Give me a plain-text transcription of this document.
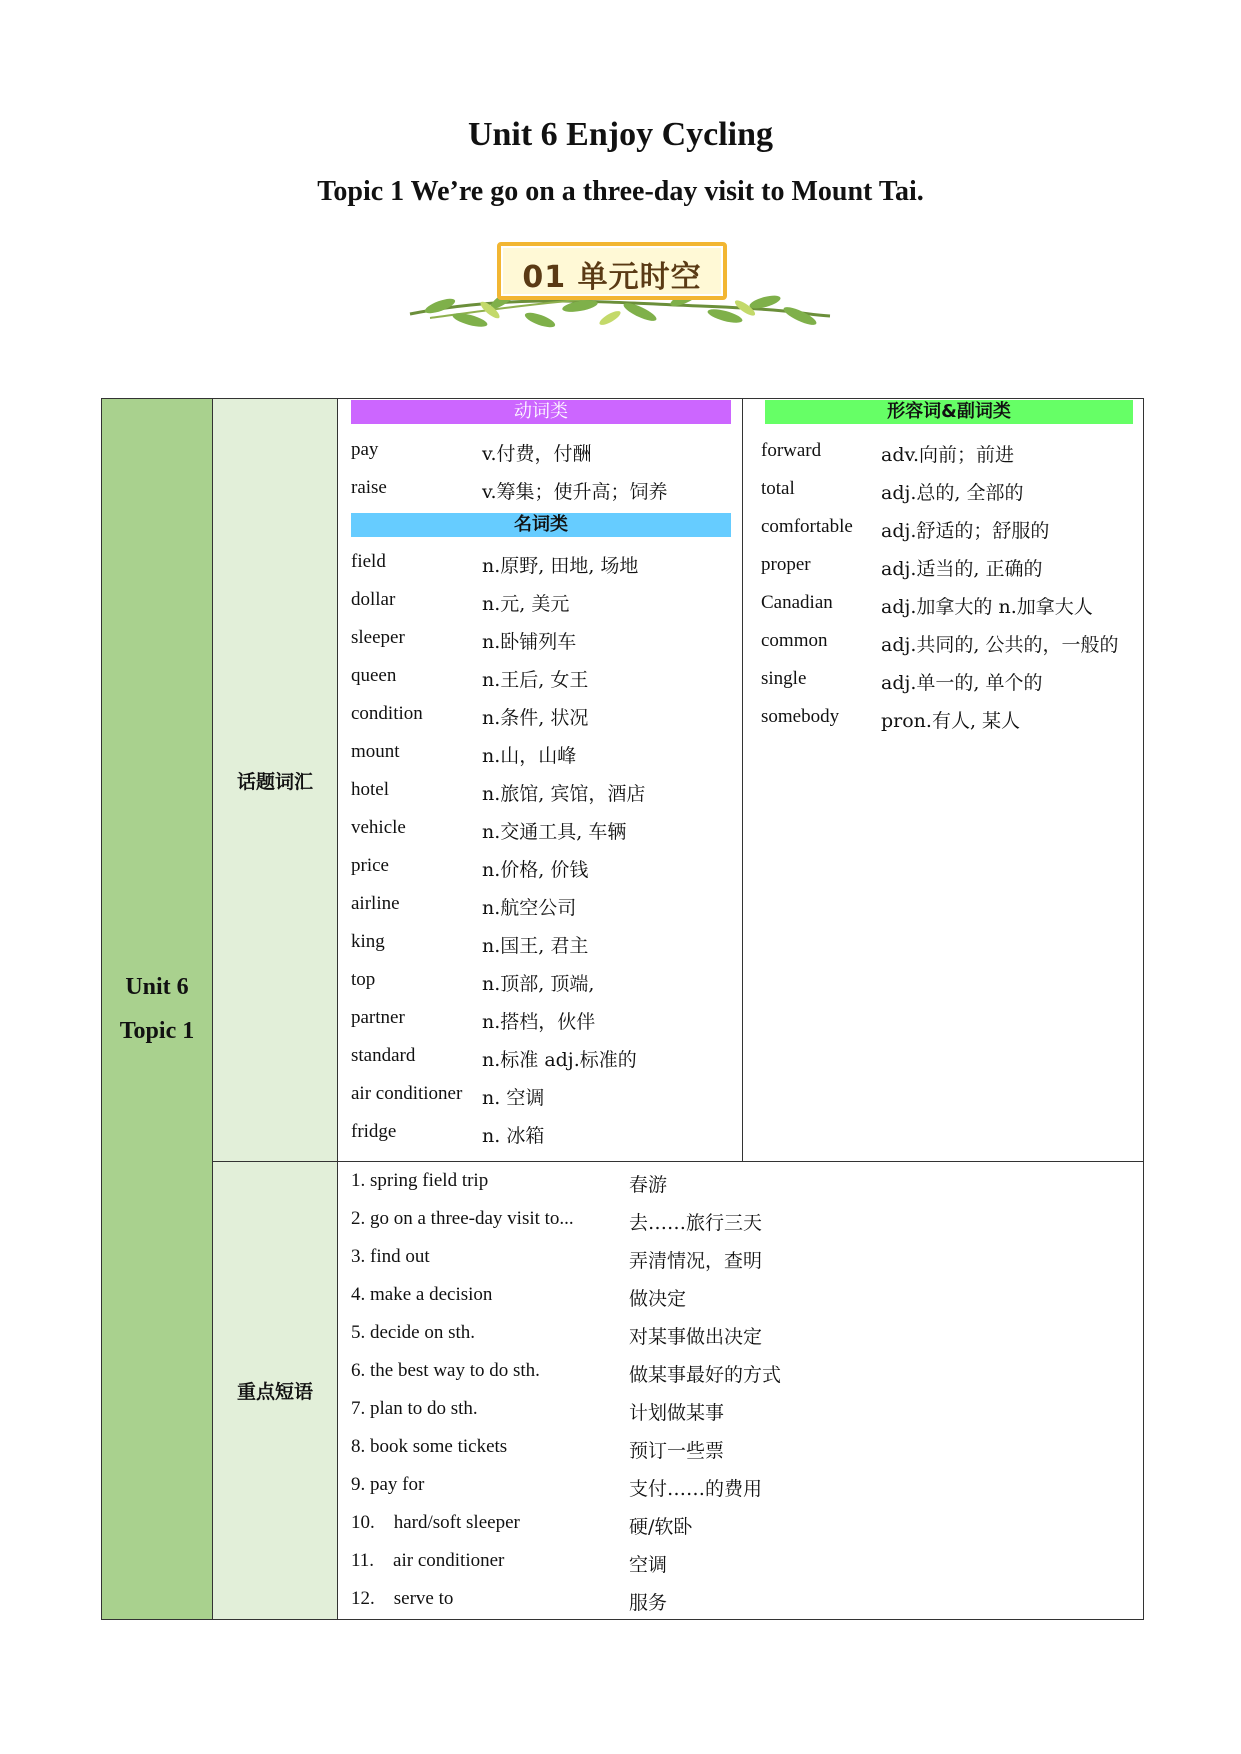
Unit 6 Enjoy Cycling
Topic 1 We’re go on a three-day visit to Mount Tai.
01 单元时空
Unit 6
Topic 1
话题词汇
重点短语
动词类
pay	v.付费，付酬
raise	v.筹集；使升高；饲养
名词类
field	n.原野, 田地, 场地
dollar	n.元, 美元
sleeper	n.卧铺列车
queen	n.王后, 女王
condition	n.条件, 状况
mount	n.山，山峰
hotel	n.旅馆, 宾馆，酒店
vehicle	n.交通工具, 车辆
price	n.价格, 价钱
airline	n.航空公司
king	n.国王, 君主
top	n.顶部, 顶端,
partner	n.搭档，伙伴
standard	n.标准 adj.标准的
air conditioner n. 空调
fridge	n. 冰箱
形容词&副词类
forward	adv.向前；前进
total	adj.总的, 全部的
comfortable adj.舒适的；舒服的
proper	adj.适当的, 正确的
Canadian	adj.加拿大的 n.加拿大人
common	adj.共同的, 公共的，一般的
single	adj.单一的, 单个的
somebody pron.有人, 某人
1. spring field trip	春游
2. go on a three-day visit to...	去……旅行三天
3. find out	弄清情况，查明
4. make a decision	做决定
5. decide on sth.	对某事做出决定
6. the best way to do sth.	做某事最好的方式
7. plan to do sth.	计划做某事
8. book some tickets	预订一些票
9. pay for	支付……的费用
10.    hard/soft sleeper	硬/软卧
11.    air conditioner	空调
12.    serve to	服务
